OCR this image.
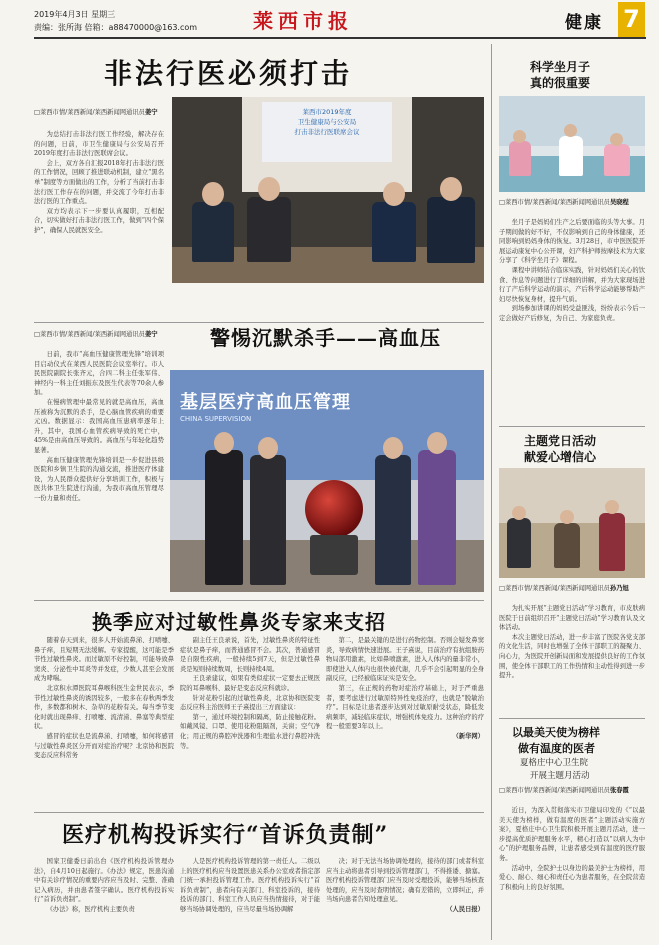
2019年4月3日 星期三
责编：张所海 倍箱：a88470000@163.com	莱西市报	健康 7
非法行医必须打击
□莱西市情/莱西新闻/莱西新闻网通讯员姜宁

为总结打击非法行医工作经验，解决存在的问题，日前，市卫生健康局与公安局召开2019年度打击非法行医联席会议。

会上，双方各自汇报2018年打击非法行医的工作情况，回顾了推进联动机制，建立“黑名单”制度等方面做出的工作，分析了当前打击非法行医工作存在的问题，并交流了今年打击非法行医的工作重点。

双方均表示下一步要认真履职，互相配合，切实做好打击非法行医工作，做到“四个保护”，确保人民就医安全。

莱西市2019年度
卫生健康局与公安局
打击非法行医联席会议
□莱西市情/莱西新闻/莱西新闻网通讯员姜宁

日前，我市“高血压健康管理先锋”培训项目启动仪式在莱西人民医院会议室举行。市人民医院副院长张齐元，合四二科主任张军伟、神经内一科主任刘振东及医生代表等70余人参加。

在慢病管理中最常见的就是高血压，高血压被称为沉默的杀手，是心脑血管疾病的重要元凶。数据显示：我国高血压患病率逐年上升，其中，我国心血管疾病导致的死亡中，45%是由高血压导致的。高血压与年轻化趋势显著。

高血压健康管理先锋培训是一步促进县级医院和乡镇卫生院的沟通交流，推进医疗体建设，为人民群众提供好分享培训工作，积极与医共体卫生院进行沟通，为我市高血压管理尽一份力量和责任。

警惕沉默杀手——高血压
基层医疗高血压管理
CHINA SUPERVISION
换季应对过敏性鼻炎专家来支招

随着春天到来，很多人开始流鼻涕、打喷嚏、鼻子痒，且短期无法缓解。专家提醒，这可能是季节性过敏性鼻炎。而过敏原不好控制，可能导致鼻窦炎、分泌性中耳炎等并发症，少数人甚至会发展成为哮喘。

北京积水潭医院耳鼻喉科医生金世民表示，季节性过敏性鼻炎的诱因较多，一般多在春秋两季发作，多数都和树木、杂草的花粉有关。每当季节变化时就出现鼻痒、打喷嚏、流清涕、鼻塞等典型症状。

感冒的症状也是流鼻涕、打喷嚏，如何将感冒与过敏性鼻炎区分开而对症治疗呢？北京协和医院变态反应科常务

副主任王良录说，首先，过敏性鼻炎的特征性症状是鼻子痒，而普通感冒不会。其次，普通感冒是自限性疾病，一般持续5到7天，但是过敏性鼻炎是短则持续数周，长则持续4周。

王良录建议，如果有类似症状一定要去正规医院的耳鼻喉科、最好是变态反应科就诊。

针对花粉引起的过敏性鼻炎，北京协和医院变态反应科主治医师王子熹提出三方面建议：

第一，通过环境控制和隔离，防止接触花粉。如戴风镜、口罩、使用花粉阻隔剂，关窗；空气净化；用正规的鼻腔冲洗器和生理盐水进行鼻腔冲洗等。

第二，是最关键的是进行药物控制。否则会疑发鼻窦炎，导致病情快速进展。王子熹说，目前治疗有抗组胺药物局部用激素，比如鼻喷激素，进入人体内的量非常小，即使进入人体内也很快被代谢，几乎不会引起明显的全身副反应，已经被临床证实是安全。

第三，在正规的药物对症治疗基础上，对于严重患者，要考虑进行过敏原特异性免疫治疗，也就是“脱敏治疗”。目标是让患者逐步达到对过敏原耐受状态，降低发病频率，减轻临床症状，增强机体免疫力。这种治疗的疗程一般需要3年以上。

（新华网）
医疗机构投诉实行“首诉负责制”

国家卫健委日前出台《医疗机构投诉管理办法》，自4月10日起施行。《办法》规定，医患沟通中有关诊疗情况的重要内容应当及时、完整、准确记入病历，并由患者签字确认。医疗机构投诉实行“首诉负责制”。

《办法》称，医疗机构主要负责

人是医疗机构投诉管理的第一责任人。二级以上的医疗机构应当设置医患关系办公室或者指定部门统一承担投诉管理工作。医疗机构投诉实行“首诉负责制”，患者向有关部门、科室投诉的，接待投诉的部门、科室工作人员应当热情接待，对于能够当场协调处理的，应当尽量当场协调解

决；对于无法当场协调处理的，接待的部门或者科室应当主动将患者引导到投诉管理部门，不得推诿、搪塞。医疗机构投诉管理部门应当及时受理投诉，能够当场核查处理的，应当及时查明情况；确有差错的，立即纠正，并当场向患者告知处理意见。

（人民日报）
科学坐月子
真的很重要
□莱西市情/莱西新闻/莱西新闻网通讯员吴晓程

坐月子是妈妈们生产之后要面临的头等大事。月子期间做的好不好，不仅影响到自己的身体健康，还同影响到妈妈身体的恢复。3月28日，市中医医院开展运动康复中心公开课，妇产科护师按摩技术为大家分享了《科学坐月子》课程。

课程中讲师结合临床实践，针对妈妈们关心的饮食、作息等问题进行了详细的讲解，并为大家现场进行了产后科学运动的演示，产后科学运动能够帮助产妇尽快恢复身材，提升气质。

到场参加讲课的妈妈受益匪浅，纷纷表示今后一定会做好产后修复，为自己、为家庭负责。

主题党日活动
献爱心增信心
□莱西市情/莱西新闻/莱西新闻网通讯员孙乃旭

为扎实开展“主题党日活动”学习教育，市皮肤病医院于日前组织召开“主题党日活动”学习教育认及文体活动。

本次主题党日活动，进一步丰富了医院各党支部的文化生活，同时也增强了全体干部职工的凝聚力、向心力，为医院开创新局面和发展提供良好的工作氛围，使全体干部职工的工作热情和主动性得到进一步提升。

以最美天使为榜样
做有温度的医者
夏格庄中心卫生院
开展主题月活动
□莱西市情/莱西新闻/莱西新闻网通讯员张春霞

近日，为深入贯彻落实市卫健局印发的《“以最美天使为榜样，做有温度的医者”主题活动实施方案》，夏格庄中心卫生院积极开展主题月活动，进一步提高优质护理服务水平，精心打造以“以病人为中心”的护理服务品牌，让患者感受到有温度的医疗服务。

活动中，全院护士以身边的最美护士为榜样，用爱心、耐心、细心和责任心为患者服务，在全院营造了积极向上的良好氛围。
